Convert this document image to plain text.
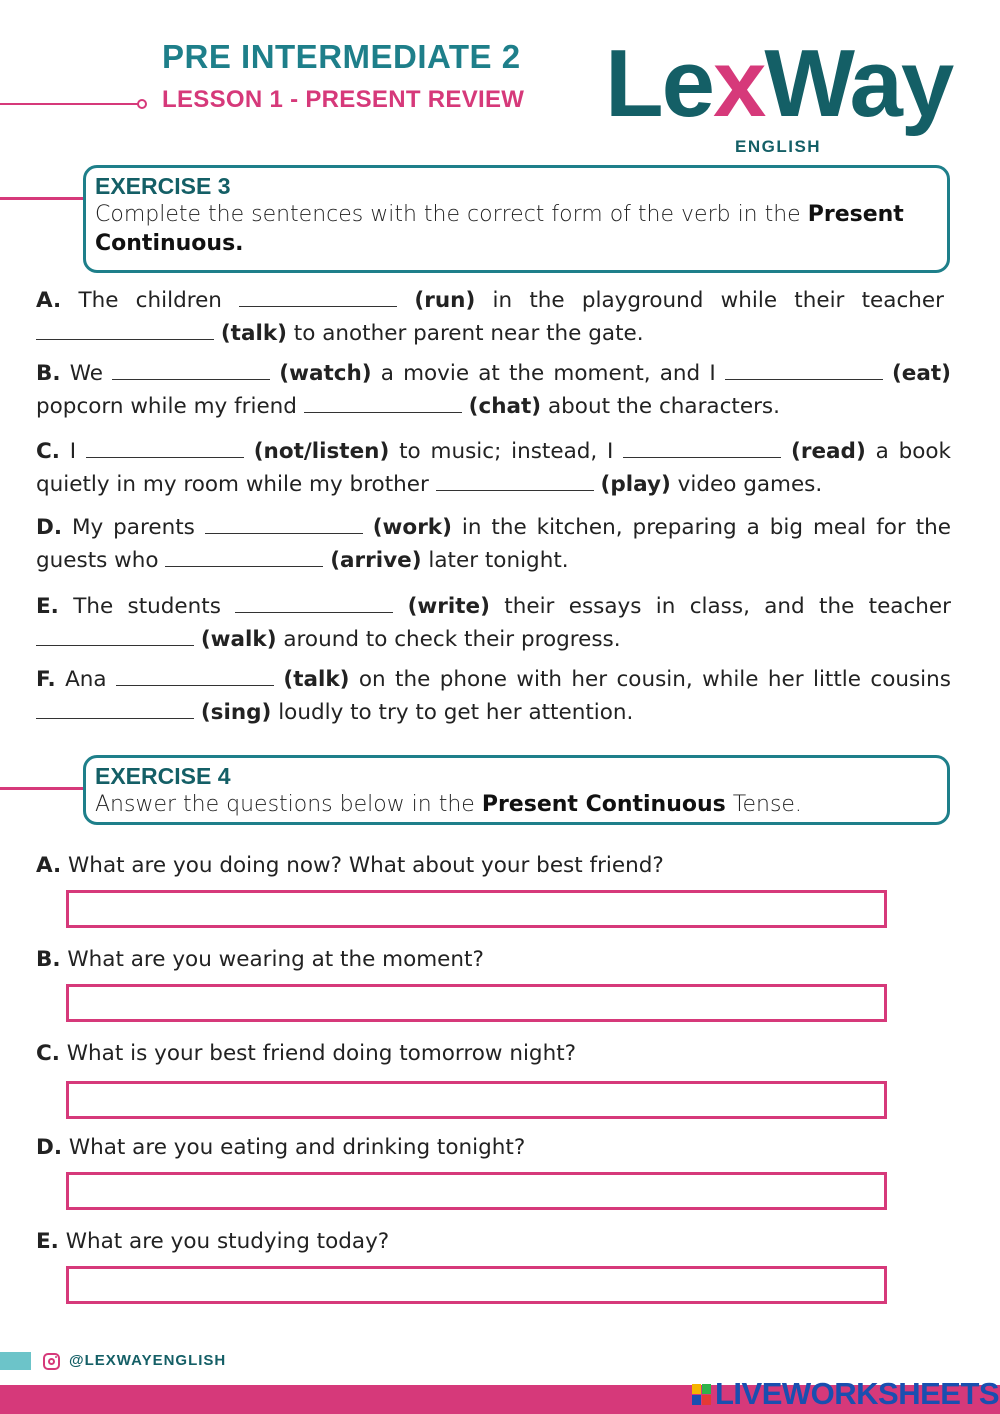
PRE INTERMEDIATE 2
LESSON 1 - PRESENT REVIEW LexWay
ENGLISH
EXERCISE 3
Complete the sentences with the correct form of the verb in the Present Continuous.
A. The children	(run) in the playground while their teacher  (talk) to another parent near the gate.
B. We	(watch) a movie at the moment, and I	(eat) popcorn while my friend	(chat) about the characters.
C. I	(not/listen) to music; instead, I	(read) a book quietly in my room while my brother	(play) video games.
D. My parents	(work) in the kitchen, preparing a big meal for the guests who	(arrive) later tonight.
E. The students	(write) their essays in class, and the teacher  (walk) around to check their progress.
F. Ana	(talk) on the phone with her cousin, while her little cousins  (sing) loudly to try to get her attention.
EXERCISE 4
Answer the questions below in the Present Continuous Tense.
A. What are you doing now? What about your best friend?
B. What are you wearing at the moment?
C. What is your best friend doing tomorrow night?
D. What are you eating and drinking tonight?
E. What are you studying today?
@LEXWAYENGLISH
LIVEWORKSHEETS
